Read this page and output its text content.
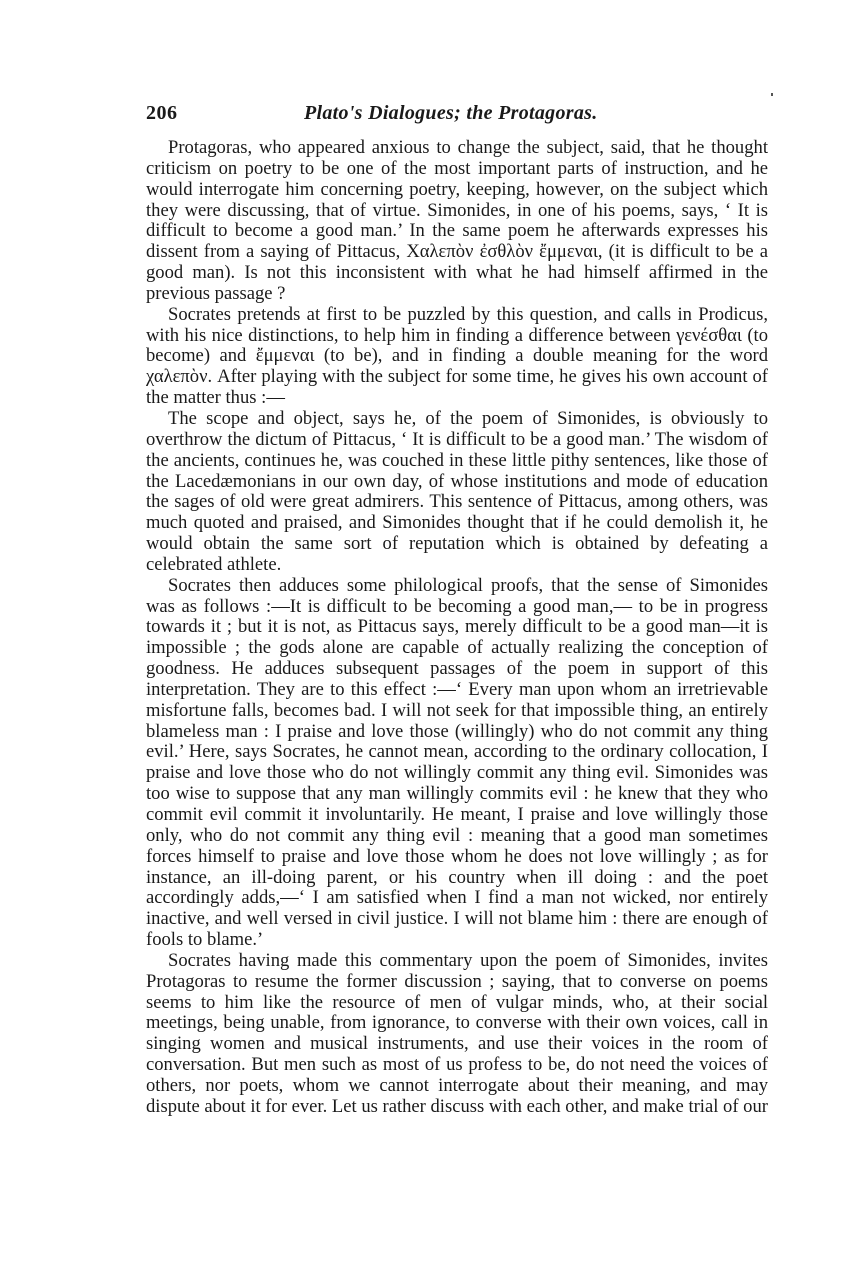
206	Plato's Dialogues; the Protagoras.

Protagoras, who appeared anxious to change the subject, said, that he thought criticism on poetry to be one of the most important parts of instruction, and he would interrogate him concerning poetry, keeping, however, on the subject which they were discussing, that of virtue. Simonides, in one of his poems, says, ‘ It is difficult to become a good man.’ In the same poem he afterwards expresses his dissent from a saying of Pittacus, Χαλεπὸν ἐσθλὸν ἔμμεναι, (it is difficult to be a good man). Is not this inconsistent with what he had himself affirmed in the previous passage ?

Socrates pretends at first to be puzzled by this question, and calls in Prodicus, with his nice distinctions, to help him in finding a difference between γενέσθαι (to become) and ἔμμεναι (to be), and in finding a double meaning for the word χαλεπὸν. After playing with the subject for some time, he gives his own account of the matter thus :—

The scope and object, says he, of the poem of Simonides, is obviously to overthrow the dictum of Pittacus, ‘ It is difficult to be a good man.’ The wisdom of the ancients, continues he, was couched in these little pithy sentences, like those of the Lacedæmonians in our own day, of whose institutions and mode of education the sages of old were great admirers. This sentence of Pittacus, among others, was much quoted and praised, and Simonides thought that if he could demolish it, he would obtain the same sort of reputation which is obtained by defeating a celebrated athlete.

Socrates then adduces some philological proofs, that the sense of Simonides was as follows :—It is difficult to be becoming a good man,— to be in progress towards it ; but it is not, as Pittacus says, merely difficult to be a good man—it is impossible ; the gods alone are capable of actually realizing the conception of goodness. He adduces subsequent passages of the poem in support of this interpretation. They are to this effect :—‘ Every man upon whom an irretrievable misfortune falls, becomes bad. I will not seek for that impossible thing, an entirely blameless man : I praise and love those (willingly) who do not commit any thing evil.’ Here, says Socrates, he cannot mean, according to the ordinary collocation, I praise and love those who do not willingly commit any thing evil. Simonides was too wise to suppose that any man willingly commits evil : he knew that they who commit evil commit it involuntarily. He meant, I praise and love willingly those only, who do not commit any thing evil : meaning that a good man sometimes forces himself to praise and love those whom he does not love willingly ; as for instance, an ill-doing parent, or his country when ill doing : and the poet accordingly adds,—‘ I am satisfied when I find a man not wicked, nor entirely inactive, and well versed in civil justice. I will not blame him : there are enough of fools to blame.’

Socrates having made this commentary upon the poem of Simonides, invites Protagoras to resume the former discussion ; saying, that to converse on poems seems to him like the resource of men of vulgar minds, who, at their social meetings, being unable, from ignorance, to converse with their own voices, call in singing women and musical instruments, and use their voices in the room of conversation. But men such as most of us profess to be, do not need the voices of others, nor poets, whom we cannot interrogate about their meaning, and may dispute about it for ever. Let us rather discuss with each other, and make trial of our
